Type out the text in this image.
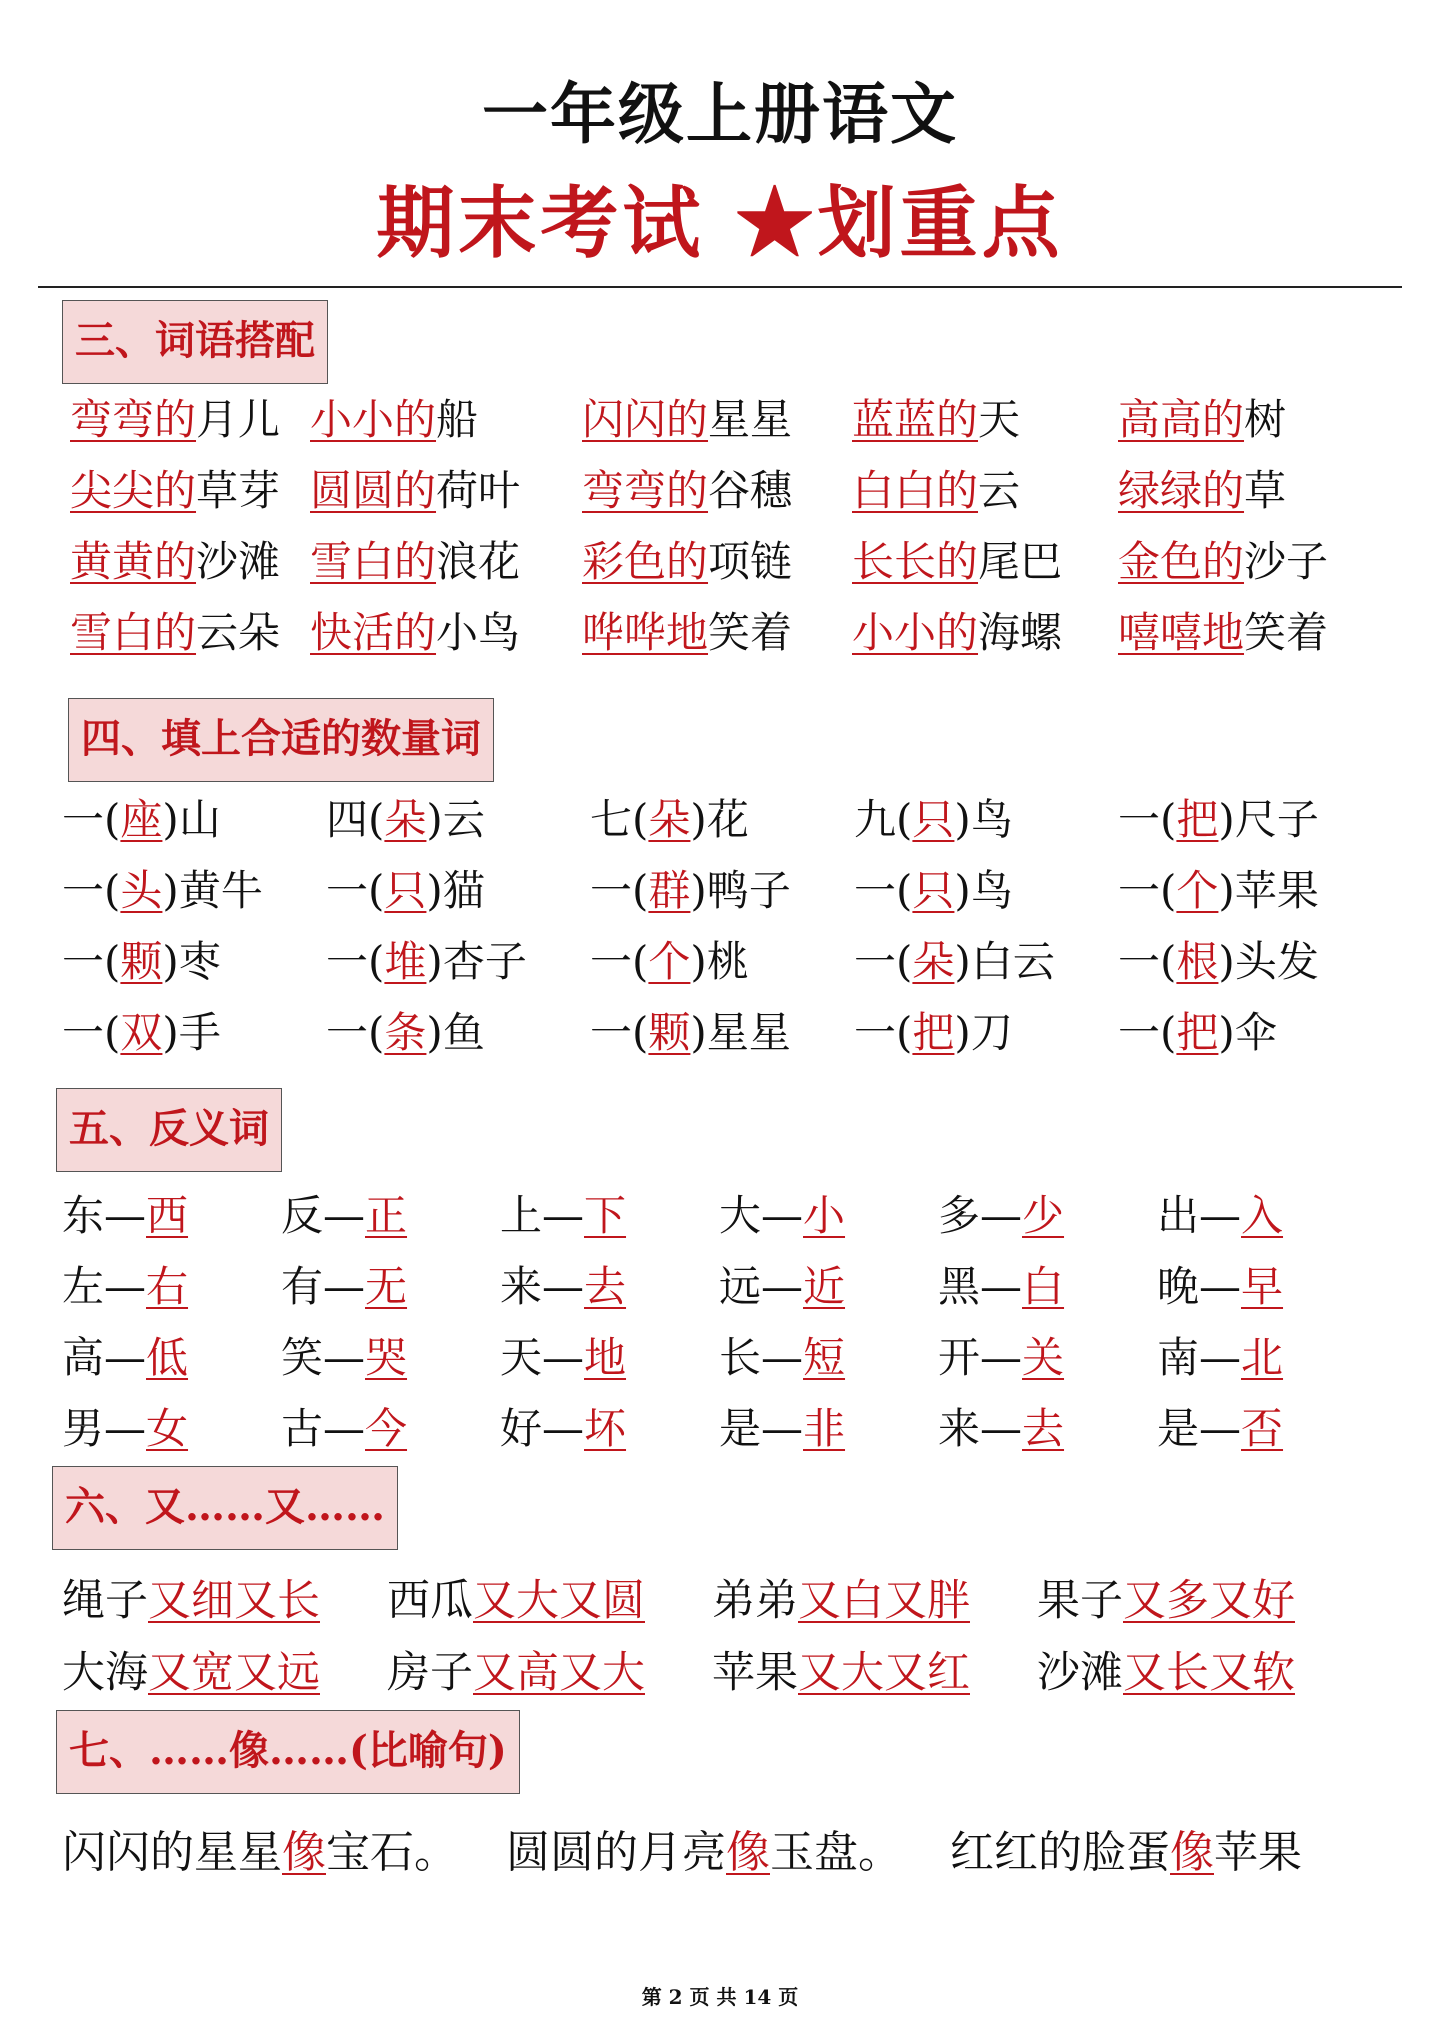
一年级上册语文
期末考试 ★划重点
三、词语搭配
弯弯的月儿 小小的船	闪闪的星星	蓝蓝的天	高高的树
尖尖的草芽 圆圆的荷叶	弯弯的谷穗	白白的云	绿绿的草
黄黄的沙滩 雪白的浪花	彩色的项链	长长的尾巴	金色的沙子
雪白的云朵 快活的小鸟	哗哗地笑着	小小的海螺	嘻嘻地笑着
四、填上合适的数量词
一(座)山	四(朵)云	七(朵)花	九(只)鸟	一(把)尺子
一(头)黄牛	一(只)猫	一(群)鸭子	一(只)鸟	一(个)苹果
一(颗)枣	一(堆)杏子	一(个)桃	一(朵)白云	一(根)头发
一(双)手	一(条)鱼	一(颗)星星	一(把)刀	一(把)伞
五、反义词
东—西	反—正	上—下	大—小	多—少	出—入
左—右	有—无	来—去	远—近	黑—白	晚—早
高—低	笑—哭	天—地	长—短	开—关	南—北
男—女	古—今	好—坏	是—非	来—去	是—否
六、又……又……
绳子又细又长	西瓜又大又圆	弟弟又白又胖	果子又多又好
大海又宽又远	房子又高又大	苹果又大又红	沙滩又长又软
七、……像……(比喻句)
闪闪的星星像宝石。 圆圆的月亮像玉盘。 红红的脸蛋像苹果
第 2 页 共 14 页
